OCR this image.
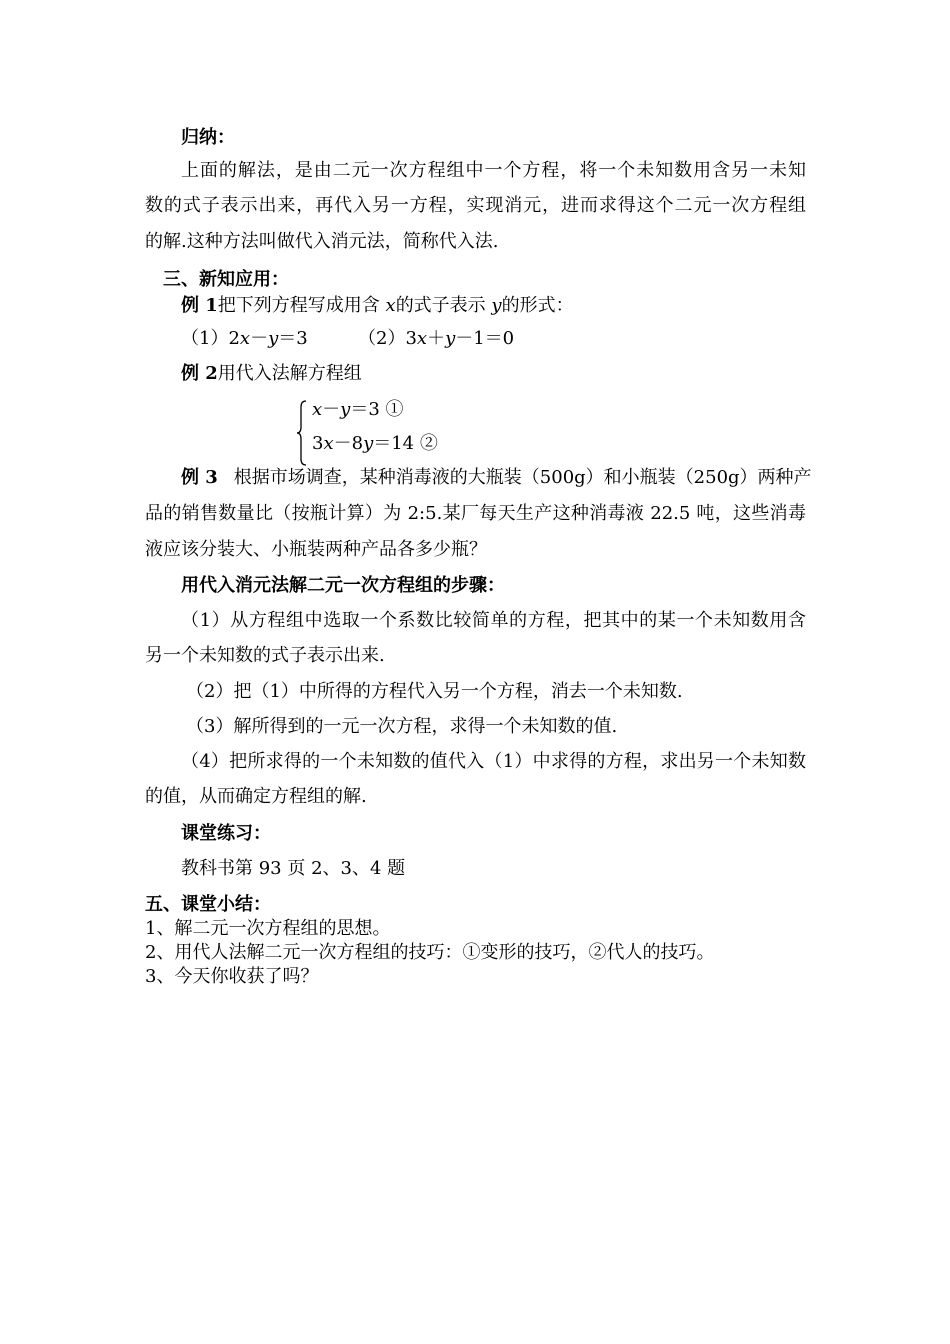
归纳：
上面的解法，是由二元一次方程组中一个方程，将一个未知数用含另一未知
数的式子表示出来，再代入另一方程，实现消元，进而求得这个二元一次方程组
的解.这种方法叫做代入消元法，简称代入法.
三、新知应用：
例 1把下列方程写成用含 x的式子表示 y的形式：
（1）2x－y＝3	（2）3x＋y－1＝0
例 2用代入法解方程组
x－y＝3 ①
3x－8y＝14 ②
例 3 根据市场调查，某种消毒液的大瓶装（500g）和小瓶装（250g）两种产
品的销售数量比（按瓶计算）为 2:5.某厂每天生产这种消毒液 22.5 吨，这些消毒
液应该分装大、小瓶装两种产品各多少瓶？
用代入消元法解二元一次方程组的步骤：
（1）从方程组中选取一个系数比较简单的方程，把其中的某一个未知数用含
另一个未知数的式子表示出来.
（2）把（1）中所得的方程代入另一个方程，消去一个未知数.
（3）解所得到的一元一次方程，求得一个未知数的值.
（4）把所求得的一个未知数的值代入（1）中求得的方程，求出另一个未知数
的值，从而确定方程组的解.
课堂练习：
教科书第 93 页 2、3、4 题
五、课堂小结：
1、解二元一次方程组的思想。
2、用代人法解二元一次方程组的技巧：①变形的技巧，②代人的技巧。
3、今天你收获了吗？
